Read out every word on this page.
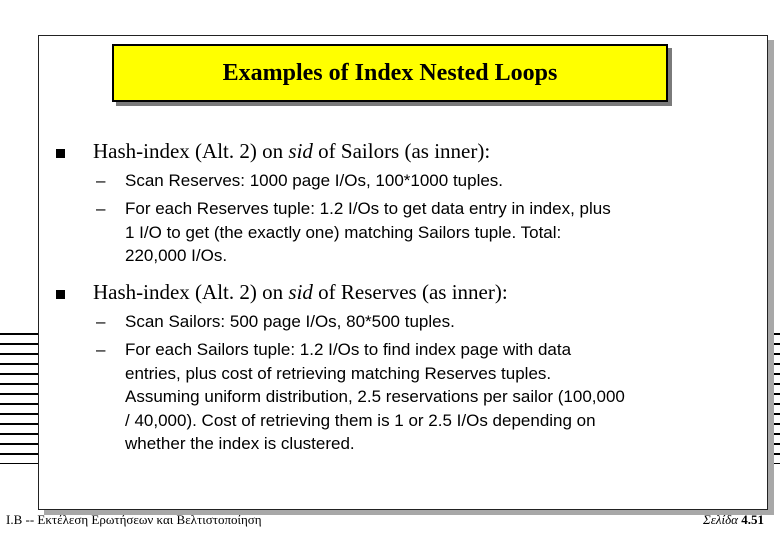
Examples of Index Nested Loops
Hash-index (Alt. 2) on sid of Sailors (as inner):
– Scan Reserves: 1000 page I/Os, 100*1000 tuples.
– For each Reserves tuple: 1.2 I/Os to get data entry in index, plus
1 I/O to get (the exactly one) matching Sailors tuple. Total:
220,000 I/Os.
Hash-index (Alt. 2) on sid of Reserves (as inner):
– Scan Sailors: 500 page I/Os, 80*500 tuples.
– For each Sailors tuple: 1.2 I/Os to find index page with data
entries, plus cost of retrieving matching Reserves tuples.
Assuming uniform distribution, 2.5 reservations per sailor (100,000
/ 40,000). Cost of retrieving them is 1 or 2.5 I/Os depending on
whether the index is clustered.
Ι.Β -- Εκτέλεση Ερωτήσεων και Βελτιστοποίηση	Σελίδα 4.51
